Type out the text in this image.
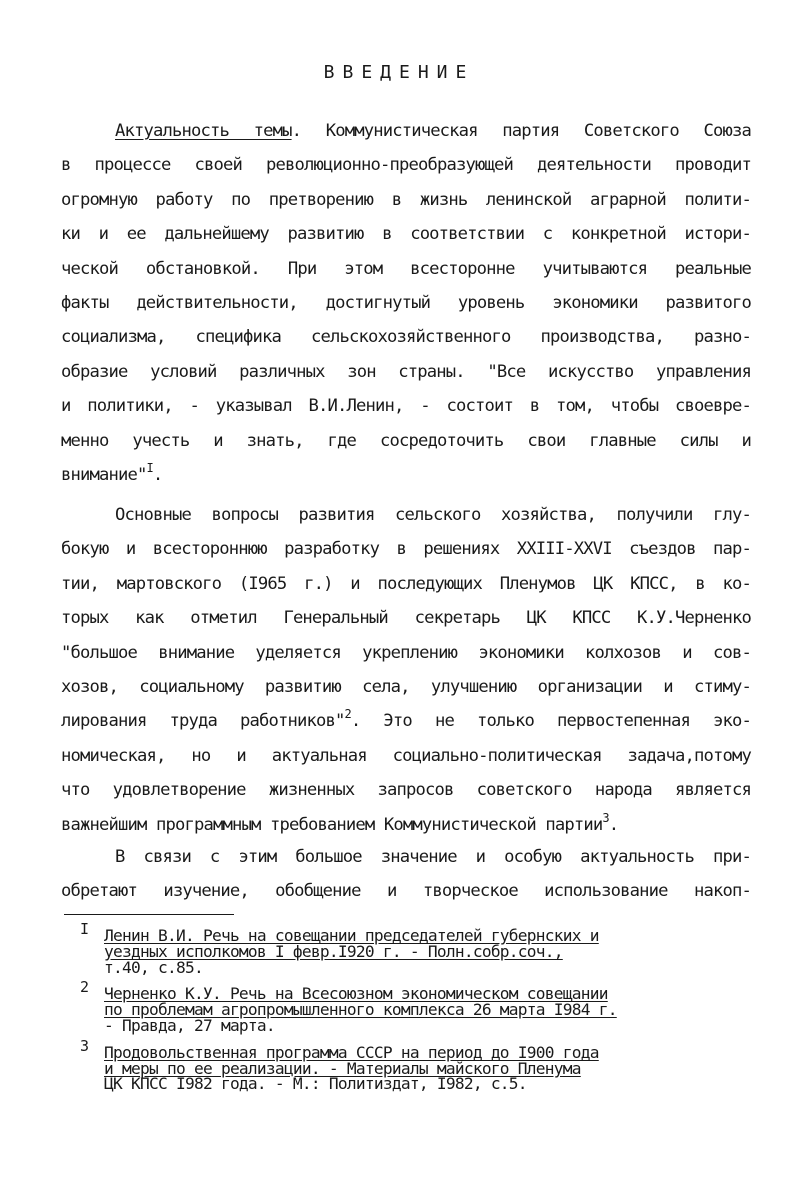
ВВЕДЕНИЕ
Актуальность темы. Коммунистическая партия Советского Союза
в процессе своей революционно-преобразующей деятельности проводит
огромную работу по претворению в жизнь ленинской аграрной полити-
ки и ее дальнейшему развитию в соответствии с конкретной истори-
ческой обстановкой. При этом всесторонне учитываются реальные
факты действительности, достигнутый уровень экономики развитого
социализма, специфика сельскохозяйственного производства, разно-
образие условий различных зон страны. "Все искусство управления
и политики, - указывал В.И.Ленин, - состоит в том, чтобы своевре-
менно учесть и знать, где сосредоточить свои главные силы и
внимание"$^I$.
Основные вопросы развития сельского хозяйства, получили глу-
бокую и всестороннюю разработку в решениях XXIII-XXVI съездов пар-
тии, мартовского (I965 г.) и последующих Пленумов ЦК КПСС, в ко-
торых как отметил Генеральный секретарь ЦК КПСС К.У.Черненко
"большое внимание уделяется укреплению экономики колхозов и сов-
хозов, социальному развитию села, улучшению организации и стиму-
лирования труда работников"$^2$. Это не только первостепенная эко-
номическая, но и актуальная социально-политическая задача,потому
что удовлетворение жизненных запросов советского народа является
важнейшим программным требованием Коммунистической партии$^3$.
В связи с этим большое значение и особую актуальность при-
обретают изучение, обобщение и творческое использование накоп-
I Ленин В.И. Речь на совещании председателей губернских и
уездных исполкомов I февр.I920 г. - Полн.собр.соч.,
т.40, с.85.
2 Черненко К.У. Речь на Всесоюзном экономическом совещании
по проблемам агропромышленного комплекса 26 марта I984 г.
- Правда, 27 марта.
3 Продовольственная программа СССР на период до I900 года
и меры по ее реализации. - Материалы майского Пленума
ЦК КПСС I982 года. - М.: Политиздат, I982, с.5.
